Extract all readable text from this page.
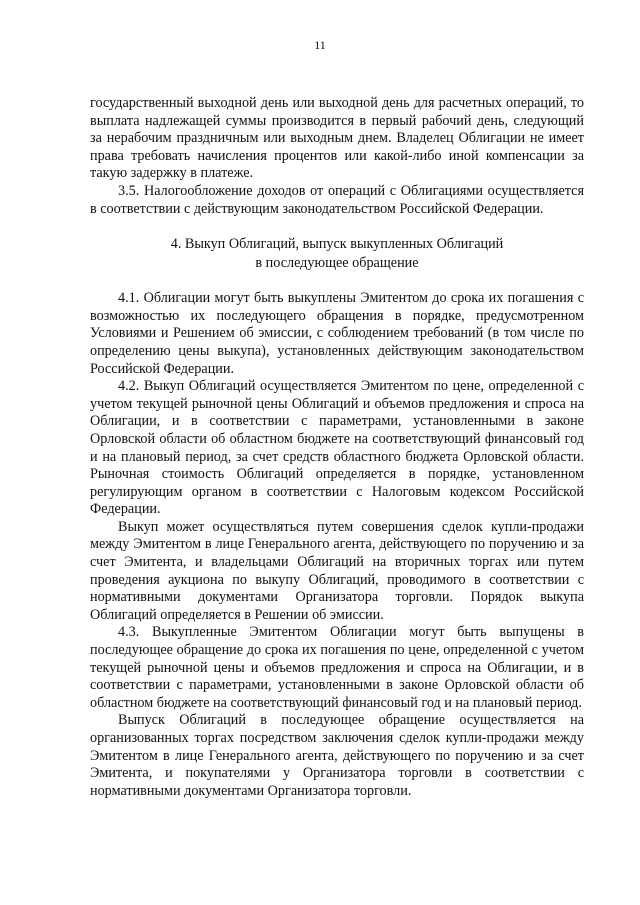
11

государственный выходной день или выходной день для расчетных операций, то выплата надлежащей суммы производится в первый рабочий день, следующий за нерабочим праздничным или выходным днем. Владелец Облигации не имеет права требовать начисления процентов или какой-либо иной компенсации за такую задержку в платеже.

3.5. Налогообложение доходов от операций с Облигациями осуществляется в соответствии с действующим законодательством Российской Федерации.

4. Выкуп Облигаций, выпуск выкупленных Облигаций
в последующее обращение

4.1. Облигации могут быть выкуплены Эмитентом до срока их погашения с возможностью их последующего обращения в порядке, предусмотренном Условиями и Решением об эмиссии, с соблюдением требований (в том числе по определению цены выкупа), установленных действующим законодательством Российской Федерации.

4.2. Выкуп Облигаций осуществляется Эмитентом по цене, определенной с учетом текущей рыночной цены Облигаций и объемов предложения и спроса на Облигации, и в соответствии с параметрами, установленными в законе Орловской области об областном бюджете на соответствующий финансовый год и на плановый период, за счет средств областного бюджета Орловской области. Рыночная стоимость Облигаций определяется в порядке, установленном регулирующим органом в соответствии с Налоговым кодексом Российской Федерации.

Выкуп может осуществляться путем совершения сделок купли-продажи между Эмитентом в лице Генерального агента, действующего по поручению и за счет Эмитента, и владельцами Облигаций на вторичных торгах или путем проведения аукциона по выкупу Облигаций, проводимого в соответствии с нормативными документами Организатора торговли. Порядок выкупа Облигаций определяется в Решении об эмиссии.

4.3. Выкупленные Эмитентом Облигации могут быть выпущены в последующее обращение до срока их погашения по цене, определенной с учетом текущей рыночной цены и объемов предложения и спроса на Облигации, и в соответствии с параметрами, установленными в законе Орловской области об областном бюджете на соответствующий финансовый год и на плановый период.

Выпуск Облигаций в последующее обращение осуществляется на организованных торгах посредством заключения сделок купли-продажи между Эмитентом в лице Генерального агента, действующего по поручению и за счет Эмитента, и покупателями у Организатора торговли в соответствии с нормативными документами Организатора торговли.
